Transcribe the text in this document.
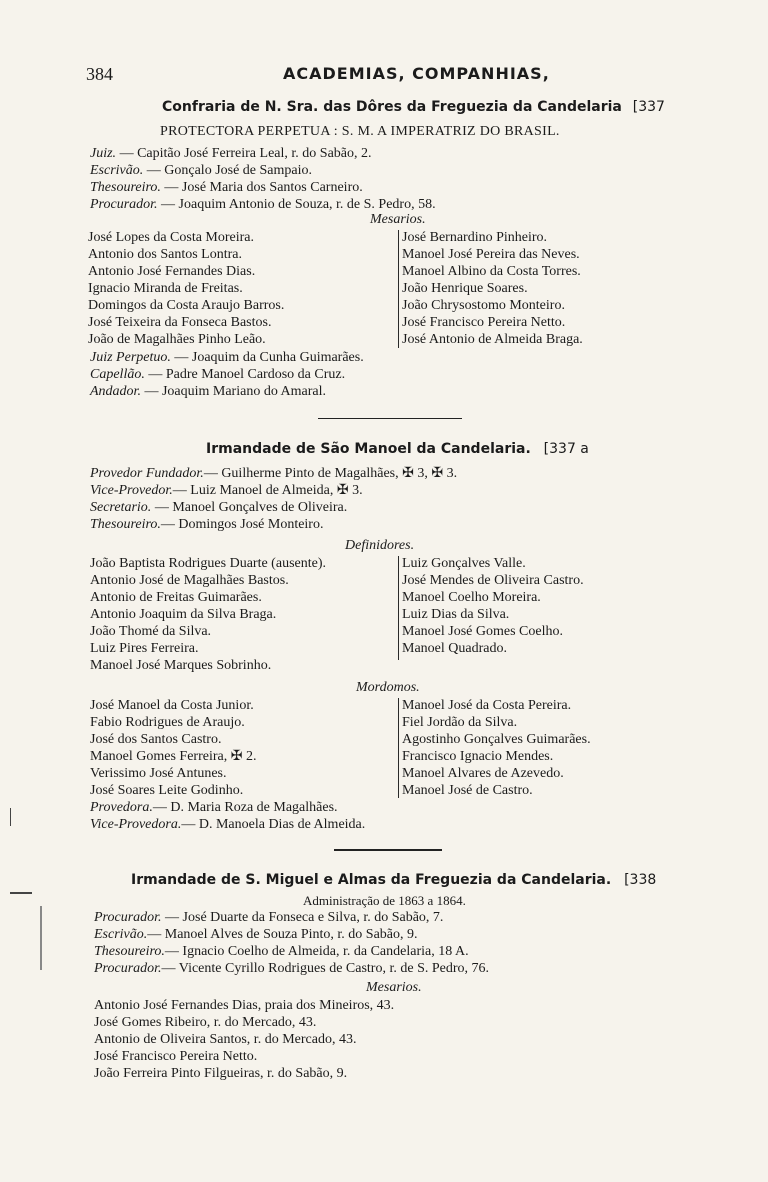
384	ACADEMIAS, COMPANHIAS,
Confraria de N. Sra. das Dôres da Freguezia da Candelaria [337
PROTECTORA PERPETUA : S. M. A IMPERATRIZ DO BRASIL.
Juiz. — Capitão José Ferreira Leal, r. do Sabão, 2.
Escrivão. — Gonçalo José de Sampaio.
Thesoureiro. — José Maria dos Santos Carneiro.
Procurador. — Joaquim Antonio de Souza, r. de S. Pedro, 58.
Mesarios.
José Lopes da Costa Moreira.
Antonio dos Santos Lontra.
Antonio José Fernandes Dias.
Ignacio Miranda de Freitas.
Domingos da Costa Araujo Barros.
José Teixeira da Fonseca Bastos.
João de Magalhães Pinho Leão.
José Bernardino Pinheiro.
Manoel José Pereira das Neves.
Manoel Albino da Costa Torres.
João Henrique Soares.
João Chrysostomo Monteiro.
José Francisco Pereira Netto.
José Antonio de Almeida Braga.
Juiz Perpetuo. — Joaquim da Cunha Guimarães.
Capellão. — Padre Manoel Cardoso da Cruz.
Andador. — Joaquim Mariano do Amaral.
Irmandade de São Manoel da Candelaria. [337 a
Provedor Fundador.— Guilherme Pinto de Magalhães, ✠ 3, ✠ 3.
Vice-Provedor.— Luiz Manoel de Almeida, ✠ 3.
Secretario. — Manoel Gonçalves de Oliveira.
Thesoureiro.— Domingos José Monteiro.
Definidores.
João Baptista Rodrigues Duarte (ausente).
Antonio José de Magalhães Bastos.
Antonio de Freitas Guimarães.
Antonio Joaquim da Silva Braga.
João Thomé da Silva.
Luiz Pires Ferreira.
Manoel José Marques Sobrinho.
Luiz Gonçalves Valle.
José Mendes de Oliveira Castro.
Manoel Coelho Moreira.
Luiz Dias da Silva.
Manoel José Gomes Coelho.
Manoel Quadrado.
Mordomos.
José Manoel da Costa Junior.
Fabio Rodrigues de Araujo.
José dos Santos Castro.
Manoel Gomes Ferreira, ✠ 2.
Verissimo José Antunes.
José Soares Leite Godinho.
Manoel José da Costa Pereira.
Fiel Jordão da Silva.
Agostinho Gonçalves Guimarães.
Francisco Ignacio Mendes.
Manoel Alvares de Azevedo.
Manoel José de Castro.
Provedora.— D. Maria Roza de Magalhães.
Vice-Provedora.— D. Manoela Dias de Almeida.
Irmandade de S. Miguel e Almas da Freguezia da Candelaria. [338
Administração de 1863 a 1864.
Procurador. — José Duarte da Fonseca e Silva, r. do Sabão, 7.
Escrivão.— Manoel Alves de Souza Pinto, r. do Sabão, 9.
Thesoureiro.— Ignacio Coelho de Almeida, r. da Candelaria, 18 A.
Procurador.— Vicente Cyrillo Rodrigues de Castro, r. de S. Pedro, 76.
Mesarios.
Antonio José Fernandes Dias, praia dos Mineiros, 43.
José Gomes Ribeiro, r. do Mercado, 43.
Antonio de Oliveira Santos, r. do Mercado, 43.
José Francisco Pereira Netto.
João Ferreira Pinto Filgueiras, r. do Sabão, 9.
